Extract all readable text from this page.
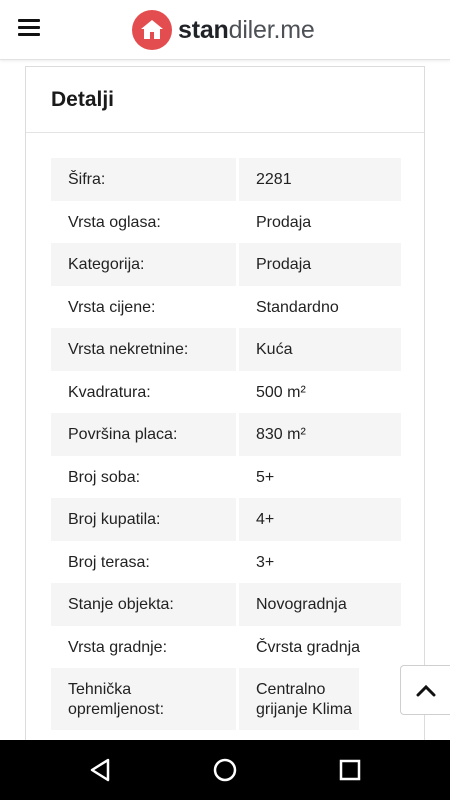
standiler.me
Detalji
Šifra:	2281
Vrsta oglasa:	Prodaja
Kategorija:	Prodaja
Vrsta cijene:	Standardno
Vrsta nekretnine:	Kuća
Kvadratura:	500 m²
Površina placa:	830 m²
Broj soba:	5+
Broj kupatila:	4+
Broj terasa:	3+
Stanje objekta:	Novogradnja
Vrsta gradnje:	Čvrsta gradnja
Tehnička opremljenost:
Centralno grijanje Klima
